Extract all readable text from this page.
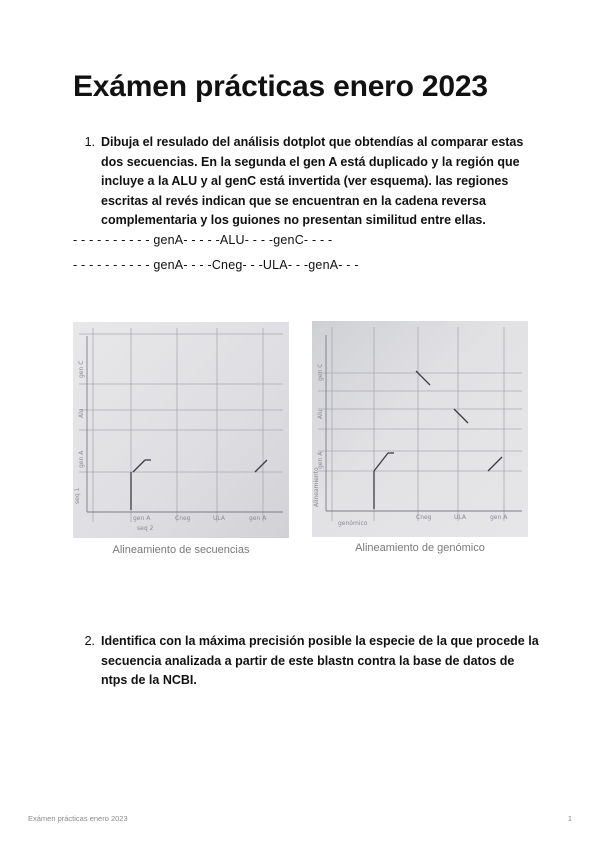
Exámen prácticas enero 2023
1. Dibuja el resulado del análisis dotplot que obtendías al comparar estas dos secuencias. En la segunda el gen A está duplicado y la región que incluye a la ALU y al genC está invertida (ver esquema). las regiones escritas al revés indican que se encuentran en la cadena reversa complementaria y los guiones no presentan similitud entre ellas.
- - - - - - - - - - genA- - - - -ALU- - - -genC- - - -
- - - - - - - - - - genA- - - -Cneg- - -ULA- - -genA- - -
gen C
Alu
gen A
seq 1
gen A	Cneg	ULA	gen A
seq 2
Alineamiento de secuencias
gen C
Alu
gen A
Alineamiento
genómico
Cneg	ULA	gen A
Alineamiento de genómico
2. Identifica con la máxima precisión posible la especie de la que procede la secuencia analizada a partir de este blastn contra la base de datos de ntps de la NCBI.
Exámen prácticas enero 2023	1
